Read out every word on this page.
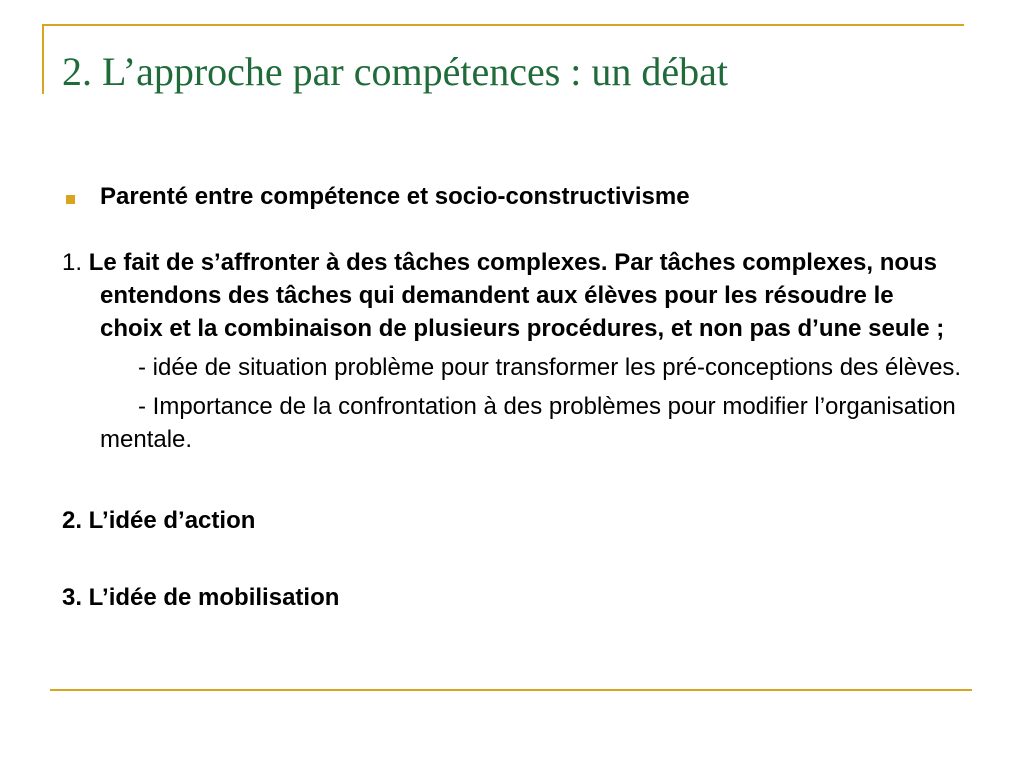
2. L’approche par compétences : un débat
Parenté entre compétence et socio-constructivisme

1. Le fait de s’affronter à des tâches complexes. Par tâches complexes, nous entendons des tâches qui demandent aux élèves pour les résoudre le choix et la combinaison de plusieurs procédures, et non pas d’une seule ;

- idée de situation problème pour transformer les pré-conceptions des élèves.

- Importance de la confrontation à des problèmes pour modifier l’organisation mentale.

2. L’idée d’action

3. L’idée de mobilisation
